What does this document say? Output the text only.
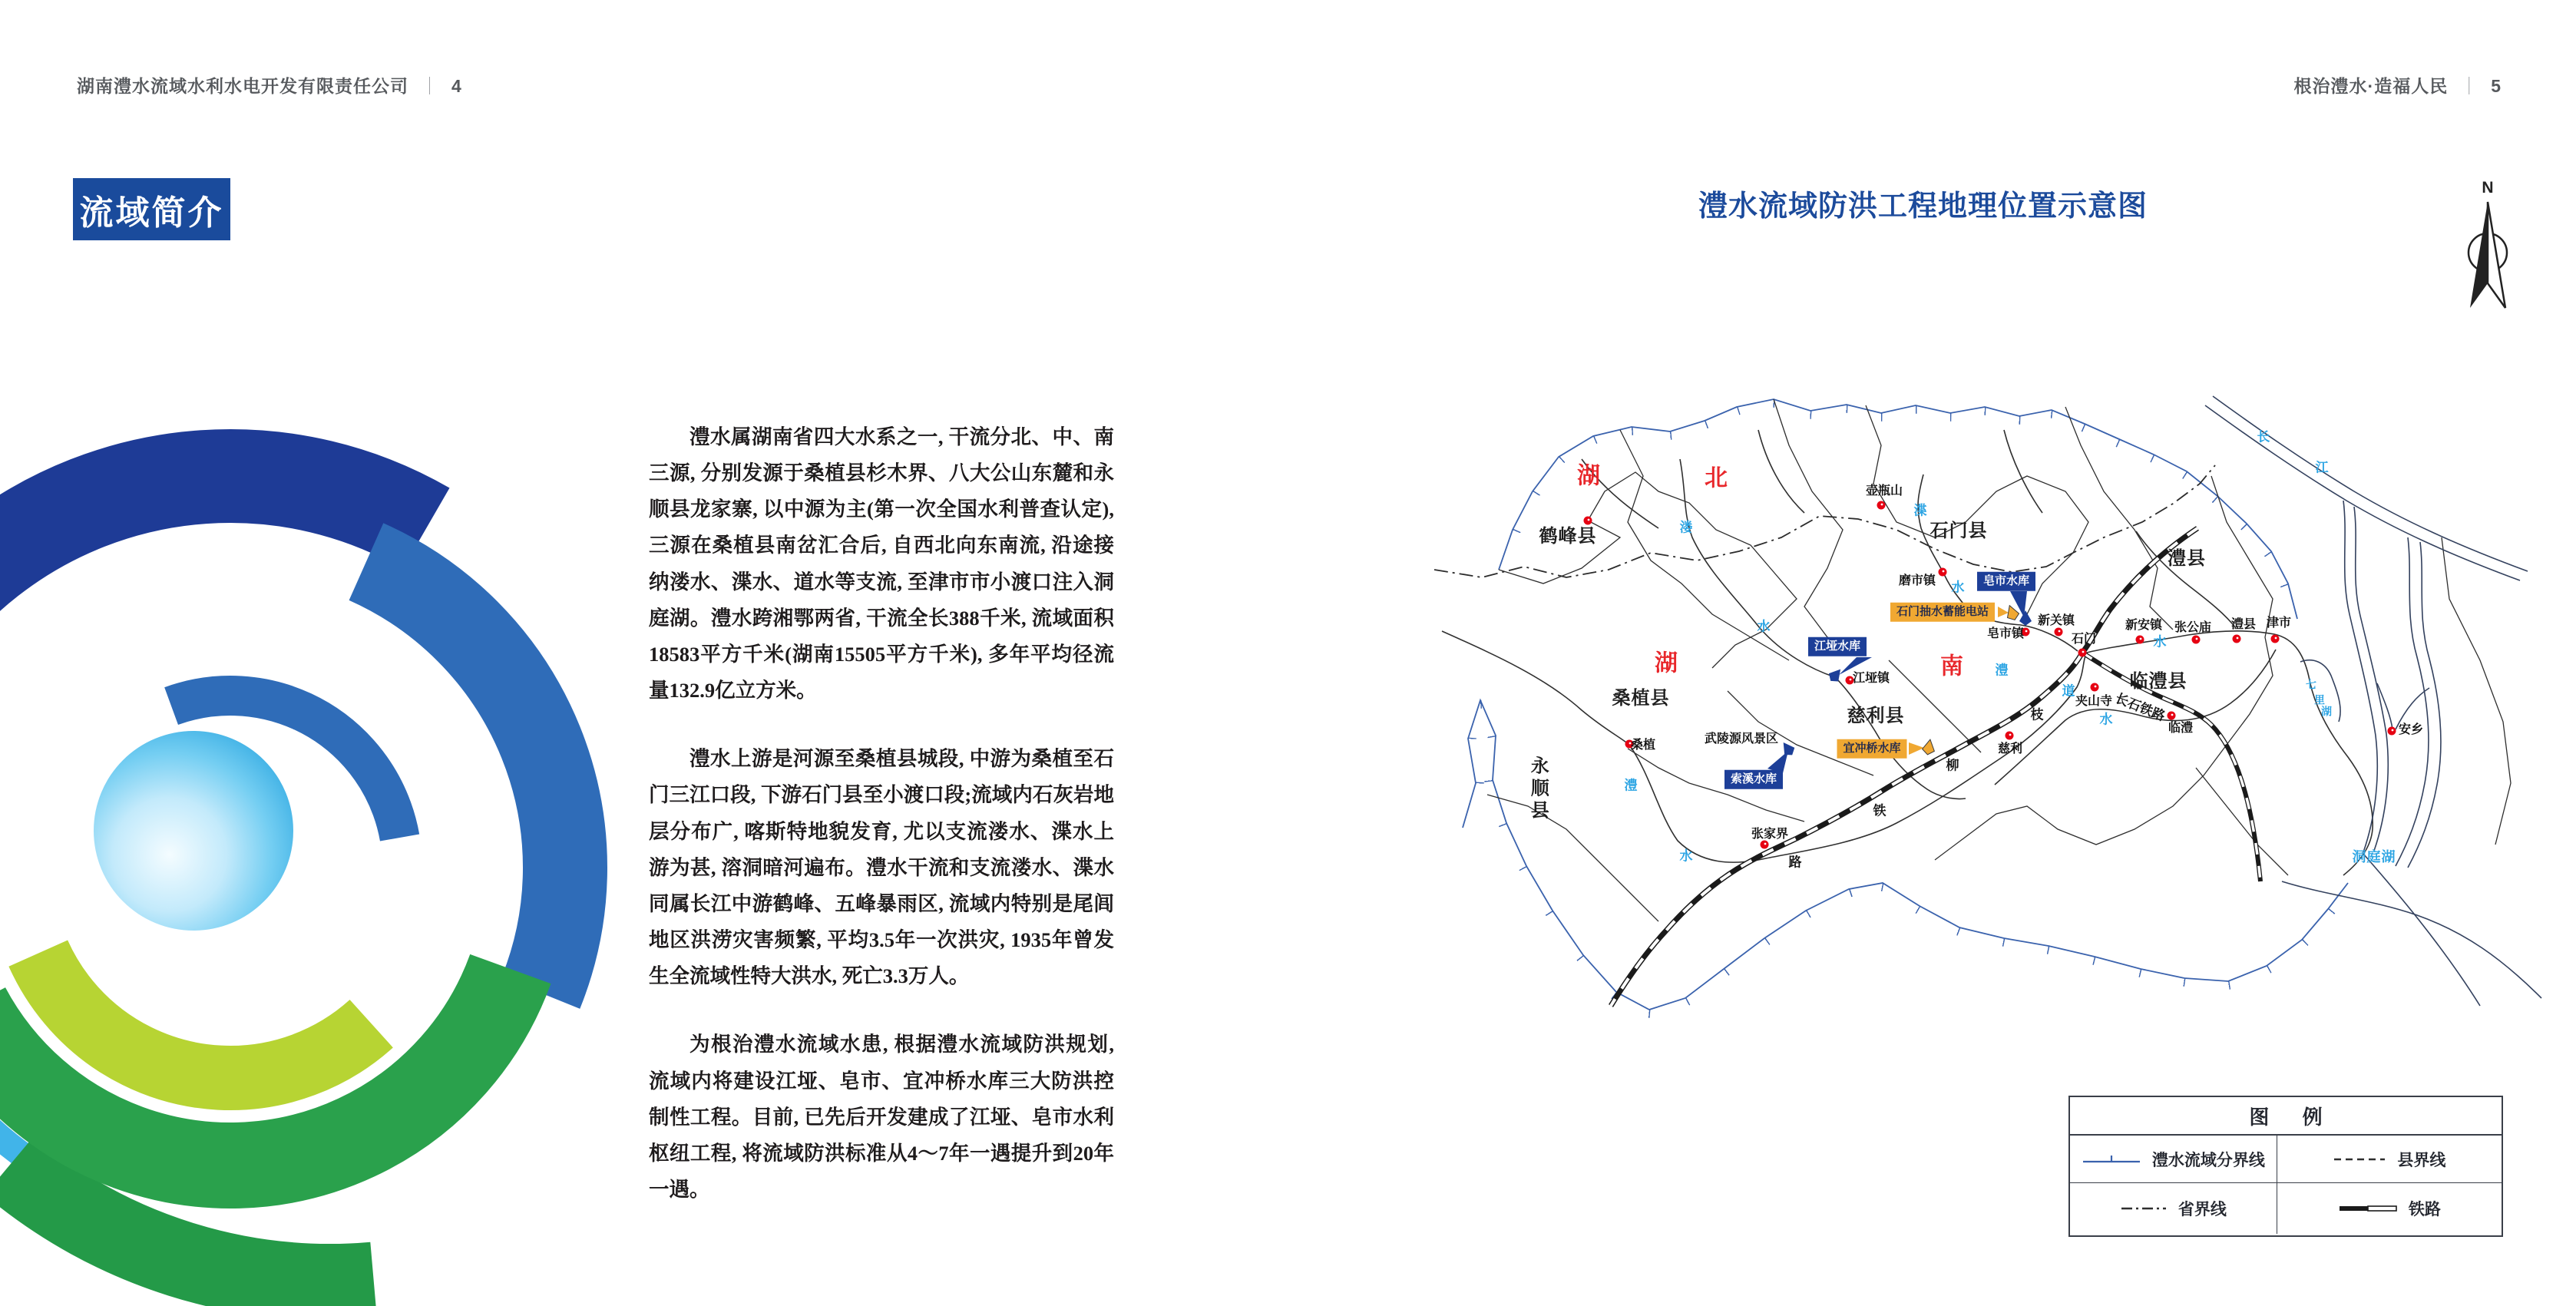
湖南澧水流域水利水电开发有限责任公司 ｜ 4	根治澧水·造福人民 ｜ 5
流域简介

澧水属湖南省四大水系之一, 干流分北、中、南三源, 分别发源于桑植县杉木界、八大公山东麓和永顺县龙家寨, 以中源为主(第一次全国水利普查认定), 三源在桑植县南岔汇合后, 自西北向东南流, 沿途接纳溇水、渫水、道水等支流, 至津市市小渡口注入洞庭湖。澧水跨湘鄂两省, 干流全长388千米, 流域面积18583平方千米(湖南15505平方千米), 多年平均径流量132.9亿立方米。

澧水上游是河源至桑植县城段, 中游为桑植至石门三江口段, 下游石门县至小渡口段;流域内石灰岩地层分布广, 喀斯特地貌发育, 尤以支流溇水、渫水上游为甚, 溶洞暗河遍布。澧水干流和支流溇水、渫水同属长江中游鹤峰、五峰暴雨区, 流域内特别是尾闾地区洪涝灾害频繁, 平均3.5年一次洪灾, 1935年曾发生全流域性特大洪水, 死亡3.3万人。

为根治澧水流域水患, 根据澧水流域防洪规划, 流域内将建设江垭、皂市、宜冲桥水库三大防洪控制性工程。目前, 已先后开发建成了江垭、皂市水利枢纽工程, 将流域防洪标准从4～7年一遇提升到20年一遇。

澧水流域防洪工程地理位置示意图
N
湖	北
湖	南
鹤峰县	石门县
澧县
临澧县
桑植县
慈利县
永顺县
壶瓶山
磨市镇
皂市镇
新关镇
石门
新安镇 张公庙 澧县 津市
临澧
夹山寺
慈利
江垭镇
桑植
张家界
安乡
武陵源风景区
溇
水
渫
水
澧
水
澧
水
道
水
长
江
七
里
湖
洞庭湖
枝
柳
铁
路
长石铁路
江垭水库
皂市水库
索溪水库
宜冲桥水库
石门抽水蓄能电站
图 例
澧水流域分界线	县界线
省界线	铁路
